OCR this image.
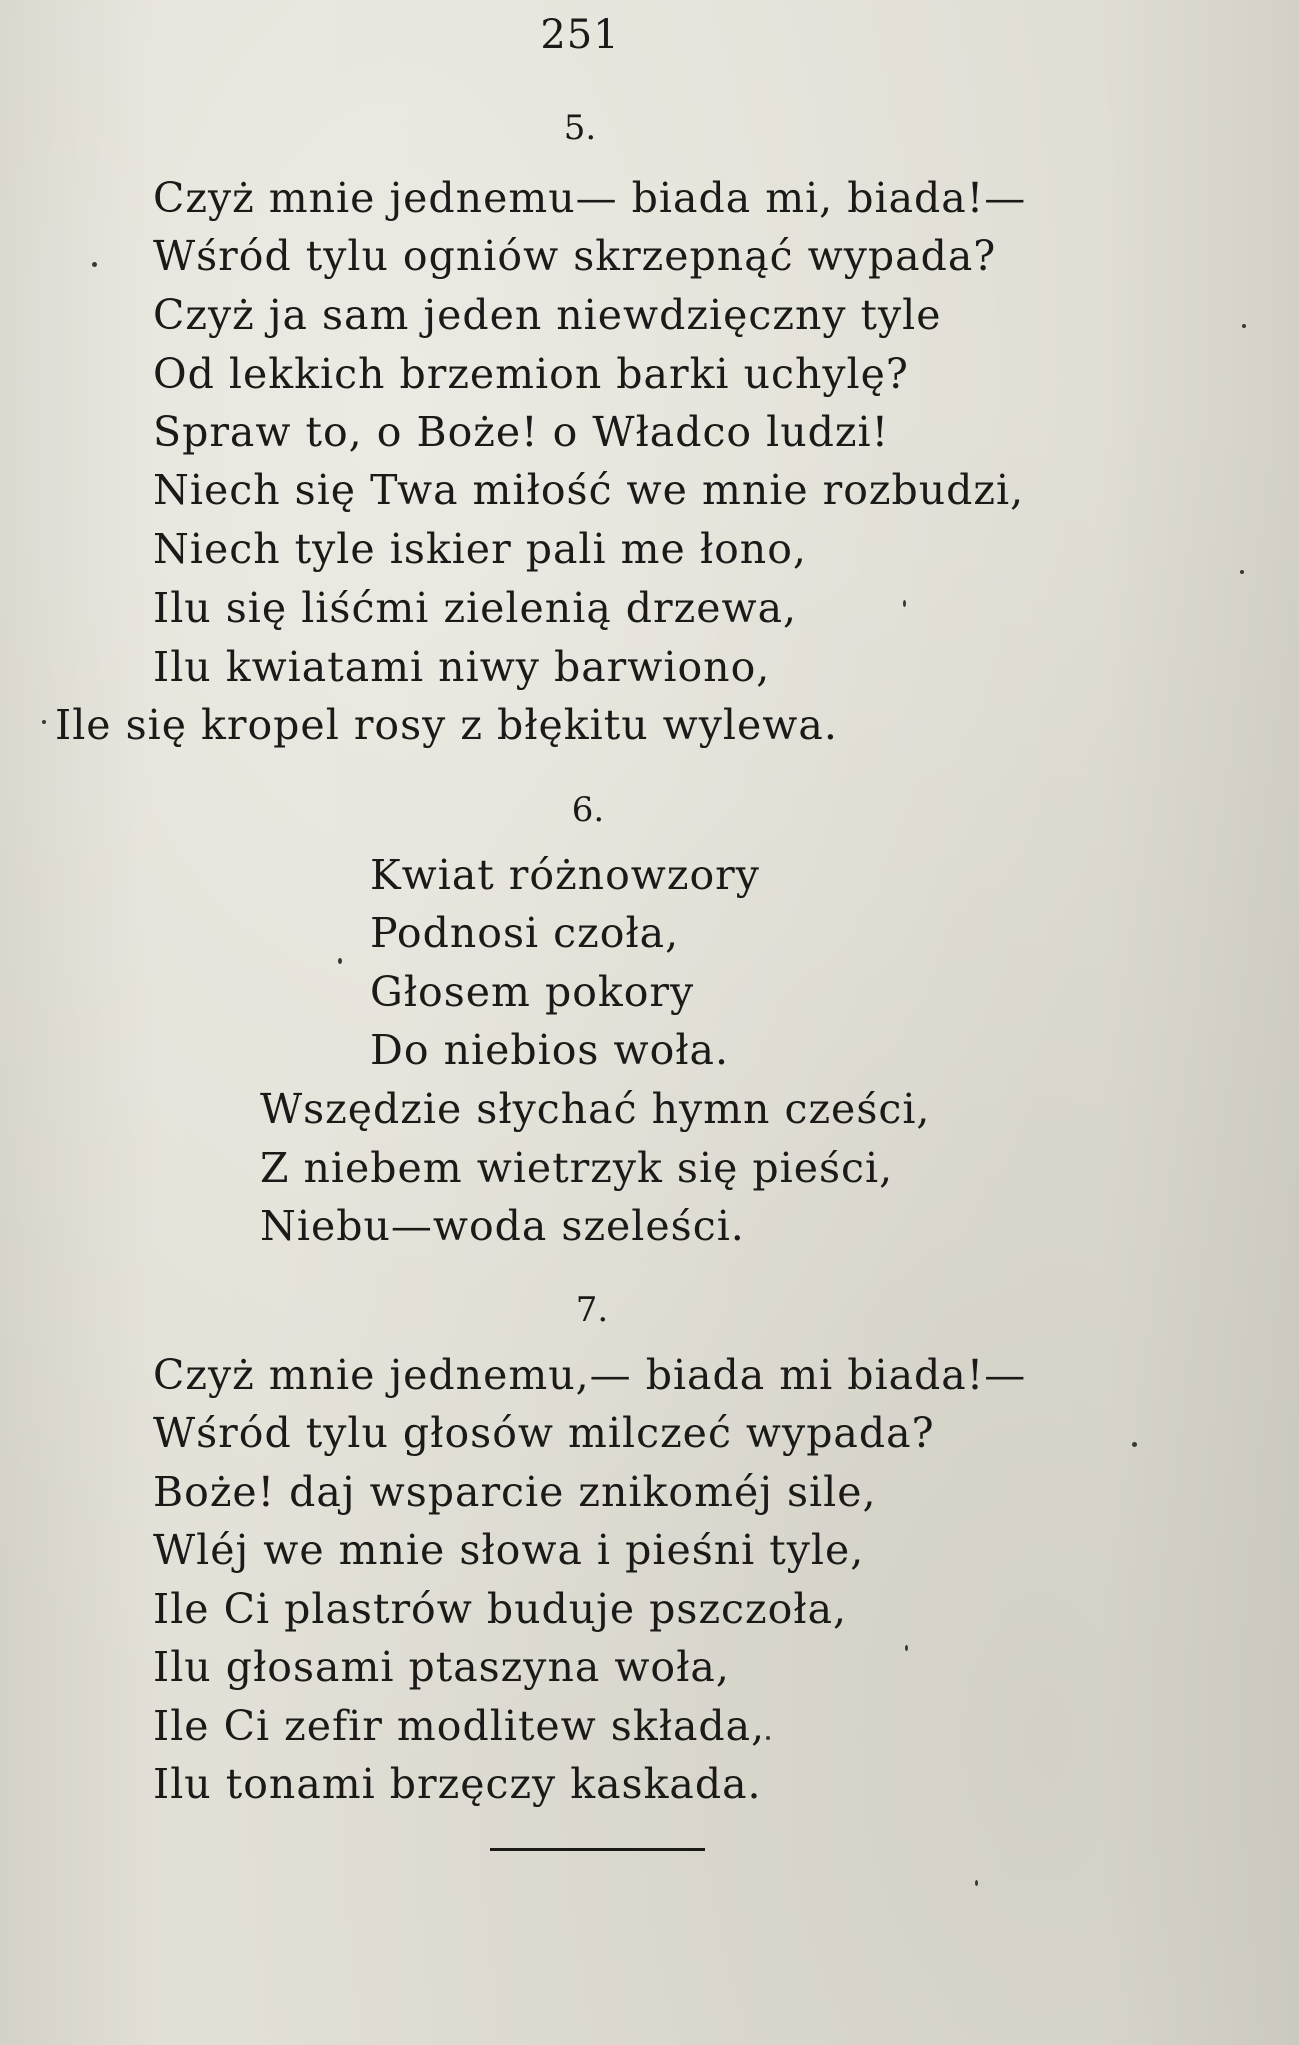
251
5.
Czyż mnie jednemu— biada mi, biada!—
Wśród tylu ogniów skrzepnąć wypada?
Czyż ja sam jeden niewdzięczny tyle
Od lekkich brzemion barki uchylę?
Spraw to, o Boże! o Władco ludzi!
Niech się Twa miłość we mnie rozbudzi,
Niech tyle iskier pali me łono,
Ilu się liśćmi zielenią drzewa,
Ilu kwiatami niwy barwiono,
Ile się kropel rosy z błękitu wylewa.
6.
Kwiat różnowzory
Podnosi czoła,
Głosem pokory
Do niebios woła.
Wszędzie słychać hymn cześci,
Z niebem wietrzyk się pieści,
Niebu—woda szeleści.
7.
Czyż mnie jednemu,— biada mi biada!—
Wśród tylu głosów milczeć wypada?
Boże! daj wsparcie znikoméj sile,
Wléj we mnie słowa i pieśni tyle,
Ile Ci plastrów buduje pszczoła,
Ilu głosami ptaszyna woła,
Ile Ci zefir modlitew składa,
Ilu tonami brzęczy kaskada.
